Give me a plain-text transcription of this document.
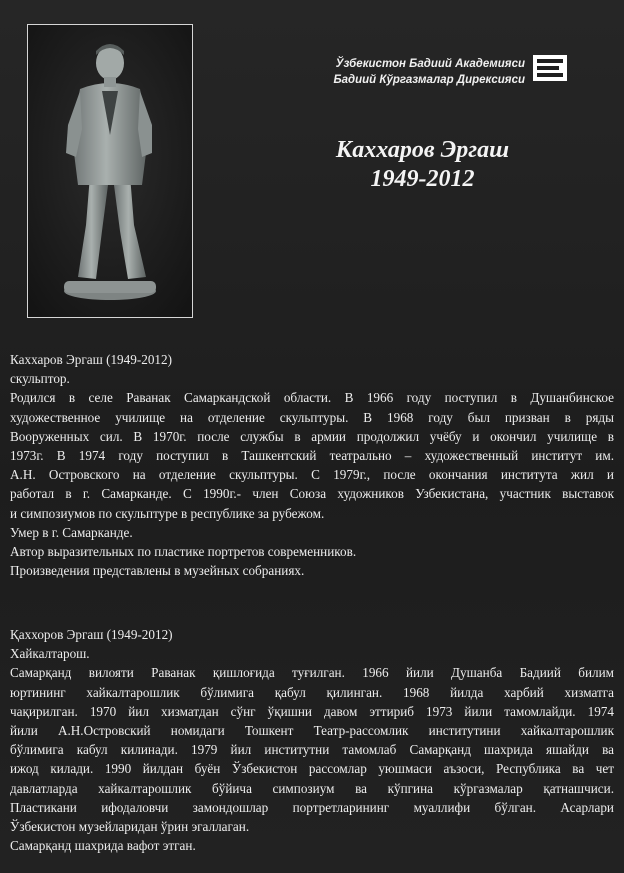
Ўзбекистон Бадиий Академияси
Бадиий Кўргазмалар Дирексияси
Каххаров Эргаш
1949-2012
Каххаров Эргаш (1949-2012)
скульптор.
Родился в селе Раванак Самаркандской области. В 1966 году поступил в Душанбинское
художественное училище на отделение скульптуры. В 1968 году был призван в ряды
Вооруженных сил. В 1970г. после службы в армии продолжил учёбу и окончил училище в
1973г. В 1974 году поступил в Ташкентский театрально – художественный институт им.
А.Н. Островского на отделение скульптуры. С 1979г., после окончания института жил и
работал в г. Самарканде. С 1990г.- член Союза художников Узбекистана, участник выставок
и симпозиумов по скульптуре в республике за рубежом.
Умер в г. Самарканде.
Автор выразительных по пластике портретов современников.
Произведения представлены в музейных собраниях.
Қаххоров Эргаш (1949-2012)
Хайкалтарош.
Самарқанд вилояти Раванак қишлоғида туғилган. 1966 йили Душанба Бадиий билим
юртининг хайкалтарошлик бўлимига қабул қилинган. 1968 йилда харбий хизматга
чақирилган. 1970 йил хизматдан сўнг ўқишни давом эттириб 1973 йили тамомлайди. 1974
йили А.Н.Островский номидаги Тошкент Театр-рассомлик институтини хайкалтарошлик
бўлимига кабул килинади. 1979 йил институтни тамомлаб Самарқанд шахрида яшайди ва
ижод килади. 1990 йилдан буён Ўзбекистон рассомлар уюшмаси аъзоси, Республика ва чет
давлатларда хайкалтарошлик бўйича симпозиум ва кўпгина кўргазмалар қатнашчиси.
Пластикани ифодаловчи замондошлар портретларининг муаллифи бўлган. Асарлари
Ўзбекистон музейларидан ўрин эгаллаган.
Самарқанд шахрида вафот этган.
